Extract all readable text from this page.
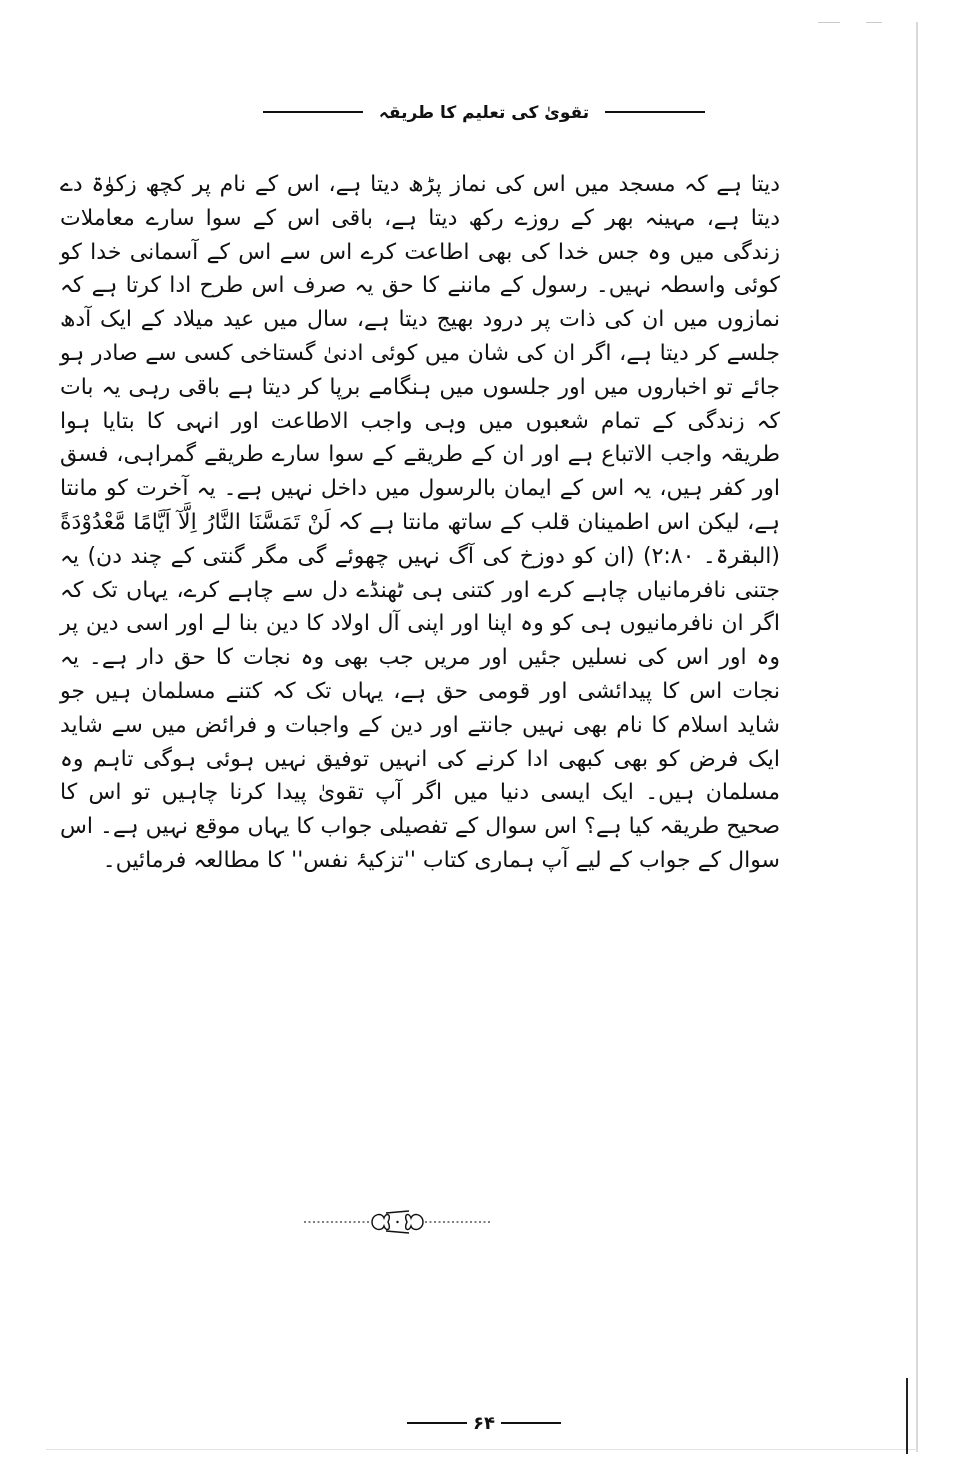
تقویٰ کی تعلیم کا طریقہ

دیتا ہے کہ مسجد میں اس کی نماز پڑھ دیتا ہے، اس کے نام پر کچھ زکوٰۃ دے دیتا ہے، مہینہ بھر کے روزے رکھ دیتا ہے، باقی اس کے سوا سارے معاملات زندگی میں وہ جس خدا کی بھی اطاعت کرے اس سے اس کے آسمانی خدا کو کوئی واسطہ نہیں۔ رسول کے ماننے کا حق یہ صرف اس طرح ادا کرتا ہے کہ نمازوں میں ان کی ذات پر درود بھیج دیتا ہے، سال میں عید میلاد کے ایک آدھ جلسے کر دیتا ہے، اگر ان کی شان میں کوئی ادنیٰ گستاخی کسی سے صادر ہو جائے تو اخباروں میں اور جلسوں میں ہنگامے برپا کر دیتا ہے باقی رہی یہ بات کہ زندگی کے تمام شعبوں میں وہی واجب الاطاعت اور انہی کا بتایا ہوا طریقہ واجب الاتباع ہے اور ان کے طریقے کے سوا سارے طریقے گمراہی، فسق اور کفر ہیں، یہ اس کے ایمان بالرسول میں داخل نہیں ہے۔ یہ آخرت کو مانتا ہے، لیکن اس اطمینان قلب کے ساتھ مانتا ہے کہ لَنْ تَمَسَّنَا النَّارُ اِلَّآ اَيَّامًا مَّعْدُوْدَةً (البقرۃ۔ ۲:۸۰) (ان کو دوزخ کی آگ نہیں چھوئے گی مگر گنتی کے چند دن) یہ جتنی نافرمانیاں چاہے کرے اور کتنی ہی ٹھنڈے دل سے چاہے کرے، یہاں تک کہ اگر ان نافرمانیوں ہی کو وہ اپنا اور اپنی آل اولاد کا دین بنا لے اور اسی دین پر وہ اور اس کی نسلیں جئیں اور مریں جب بھی وہ نجات کا حق دار ہے۔ یہ نجات اس کا پیدائشی اور قومی حق ہے، یہاں تک کہ کتنے مسلمان ہیں جو شاید اسلام کا نام بھی نہیں جانتے اور دین کے واجبات و فرائض میں سے شاید ایک فرض کو بھی کبھی ادا کرنے کی انہیں توفیق نہیں ہوئی ہوگی تاہم وہ مسلمان ہیں۔ ایک ایسی دنیا میں اگر آپ تقویٰ پیدا کرنا چاہیں تو اس کا صحیح طریقہ کیا ہے؟ اس سوال کے تفصیلی جواب کا یہاں موقع نہیں ہے۔ اس سوال کے جواب کے لیے آپ ہماری کتاب ''تزکیۂ نفس'' کا مطالعہ فرمائیں۔

۶۴
